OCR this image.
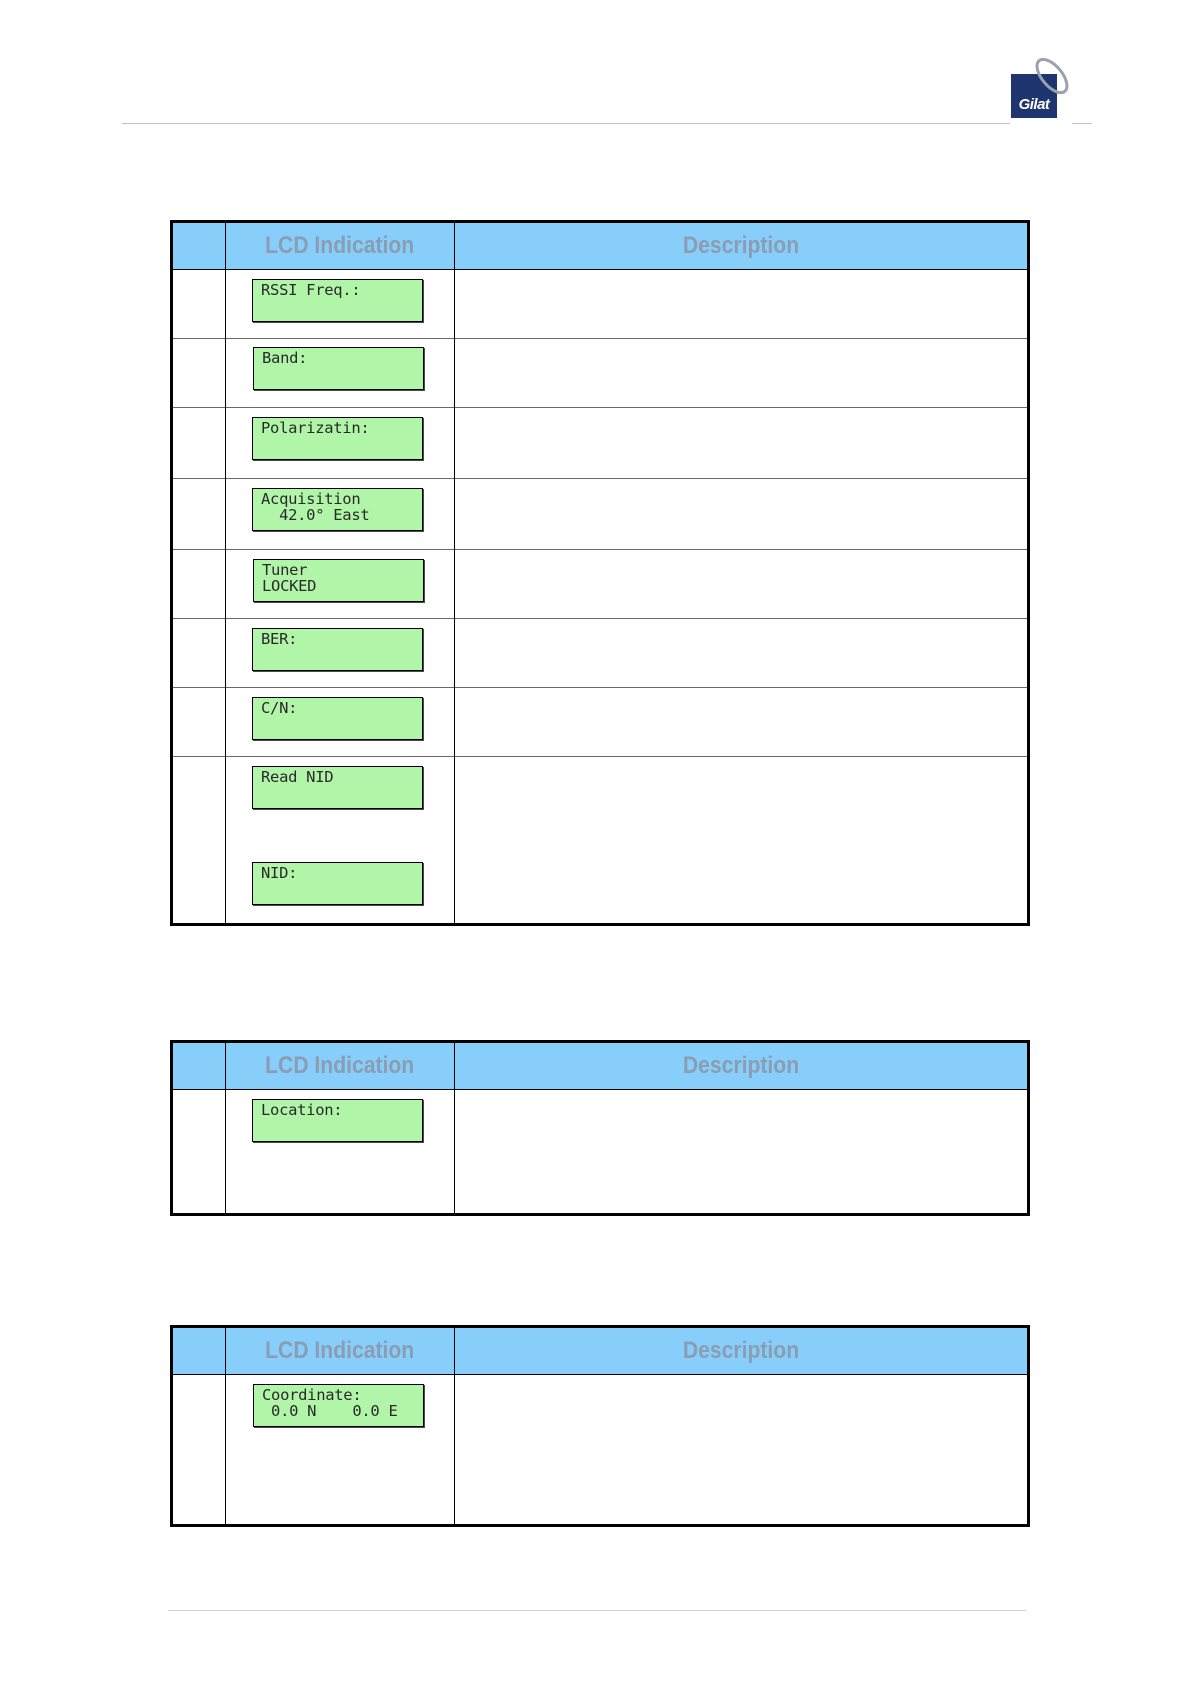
Gilat
	LCD Indication	Description

	RSSI Freq.:	

	Band:	

	Polarizatin:	

	Acquisition
42.0° East	

	Tuner
LOCKED	

	BER:	

	C/N:	

	Read NID
NID:	

	LCD Indication	Description

	Location:	

	LCD Indication	Description

	Coordinate:
0.0 N    0.0 E	
